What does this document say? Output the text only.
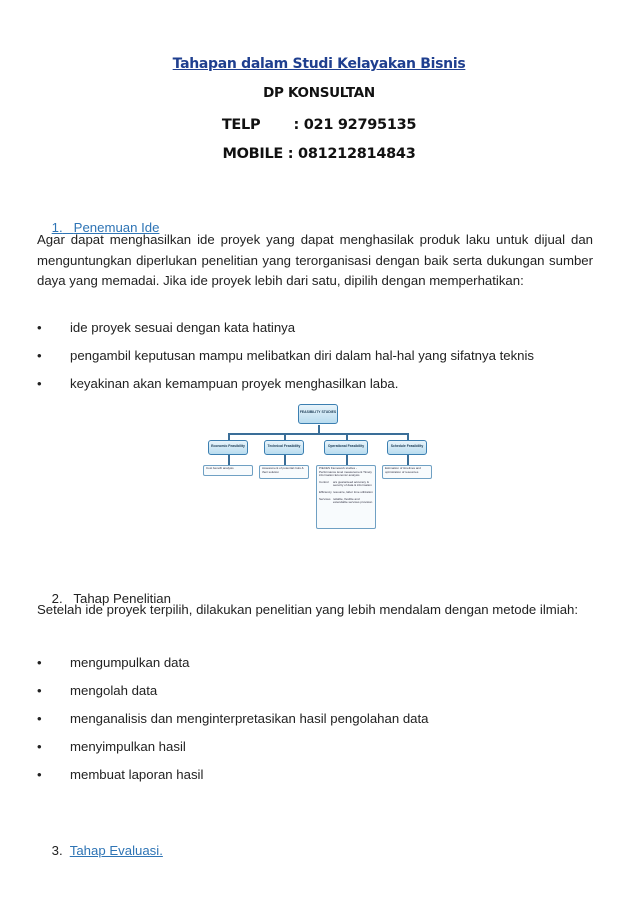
Tahapan dalam Studi Kelayakan Bisnis
DP KONSULTAN
TELP       : 021 92795135
MOBILE : 081212814843

1. Penemuan Ide

Agar dapat menghasilkan ide proyek yang dapat menghasilak produk laku untuk dijual dan menguntungkan diperlukan penelitian yang terorganisasi dengan baik serta dukungan sumber daya yang memadai. Jika ide proyek lebih dari satu, dipilih dengan memperhatikan:
• ide proyek sesuai dengan kata hatinya
• pengambil keputusan mampu melibatkan diri dalam hal-hal yang sifatnya teknis
• keyakinan akan kemampuan proyek menghasilkan laba.
FEASIBILITY STUDIES
Economic Feasibility	Technical Feasibility	Operational Feasibility	Schedule Feasibility
Cost benefit analysis	Assessment of potential risks & their solution
PIECES framework studies - Performance level measurement Timely information Economic analysis
Control	ars guaranteed accuracy & security of data & information
Efficiency resource, labor time utilization
Services reliable, flexible and extendable services provision
Estimation of timelines and optimization of resources

2. Tahap Penelitian

Setelah ide proyek terpilih, dilakukan penelitian yang lebih mendalam dengan metode ilmiah:
• mengumpulkan data
• mengolah data
• menganalisis dan menginterpretasikan hasil pengolahan data
• menyimpulkan hasil
• membuat laporan hasil

3. Tahap Evaluasi.
